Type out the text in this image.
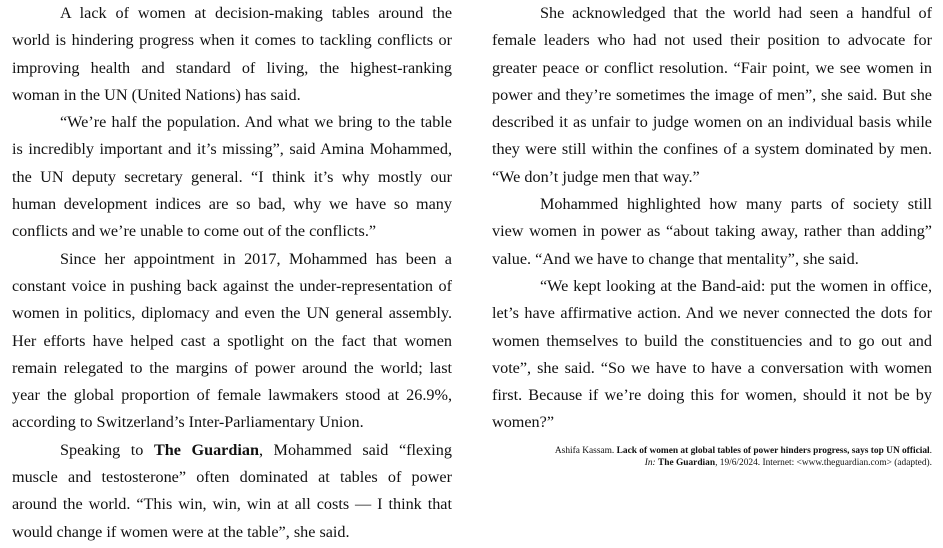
A lack of women at decision-making tables around the world is hindering progress when it comes to tackling conflicts or improving health and standard of living, the highest-ranking woman in the UN (United Nations) has said.

“We’re half the population. And what we bring to the table is incredibly important and it’s missing”, said Amina Mohammed, the UN deputy secretary general. “I think it’s why mostly our human development indices are so bad, why we have so many conflicts and we’re unable to come out of the conflicts.”

Since her appointment in 2017, Mohammed has been a constant voice in pushing back against the under-representation of women in politics, diplomacy and even the UN general assembly. Her efforts have helped cast a spotlight on the fact that women remain relegated to the margins of power around the world; last year the global proportion of female lawmakers stood at 26.9%, according to Switzerland’s Inter-Parliamentary Union.

Speaking to The Guardian, Mohammed said “flexing muscle and testosterone” often dominated at tables of power around the world. “This win, win, win at all costs — I think that would change if women were at the table”, she said.

She acknowledged that the world had seen a handful of female leaders who had not used their position to advocate for greater peace or conflict resolution. “Fair point, we see women in power and they’re sometimes the image of men”, she said. But she described it as unfair to judge women on an individual basis while they were still within the confines of a system dominated by men. “We don’t judge men that way.”

Mohammed highlighted how many parts of society still view women in power as “about taking away, rather than adding” value. “And we have to change that mentality”, she said.

“We kept looking at the Band-aid: put the women in office, let’s have affirmative action. And we never connected the dots for women themselves to build the constituencies and to go out and vote”, she said. “So we have to have a conversation with women first. Because if we’re doing this for women, should it not be by women?”

Ashifa Kassam. Lack of women at global tables of power hinders progress, says top UN official.
In: The Guardian, 19/6/2024. Internet: <www.theguardian.com> (adapted).
